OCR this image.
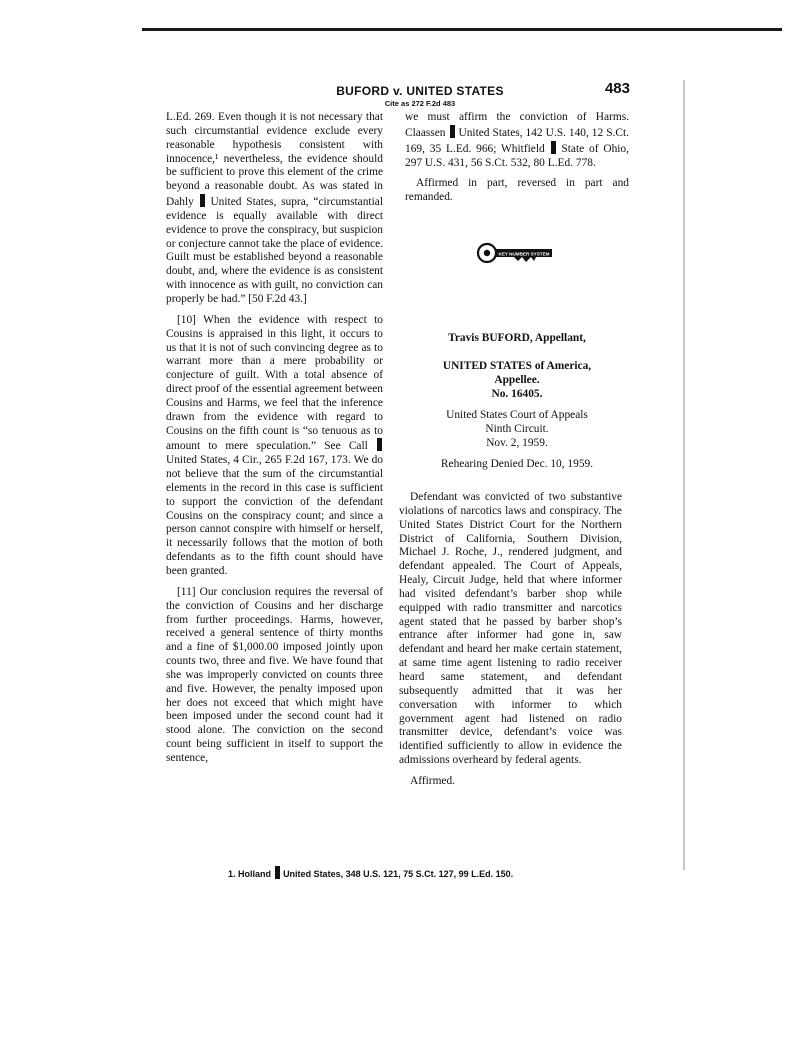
BUFORD v. UNITED STATES
Cite as 272 F.2d 483
483

L.Ed. 269. Even though it is not necessary that such circumstantial evidence exclude every reasonable hypothesis consistent with innocence,¹ nevertheless, the evidence should be sufficient to prove this element of the crime beyond a reasonable doubt. As was stated in Dahly United States, supra, “circumstantial evidence is equally available with direct evidence to prove the conspiracy, but suspicion or conjecture cannot take the place of evidence. Guilt must be established beyond a reasonable doubt, and, where the evidence is as consistent with innocence as with guilt, no conviction can properly be had.” [50 F.2d 43.]

[10] When the evidence with respect to Cousins is appraised in this light, it occurs to us that it is not of such convincing degree as to warrant more than a mere probability or conjecture of guilt. With a total absence of direct proof of the essential agreement between Cousins and Harms, we feel that the inference drawn from the evidence with regard to Cousins on the fifth count is “so tenuous as to amount to mere speculation.” See Call  United States, 4 Cir., 265 F.2d 167, 173. We do not believe that the sum of the circumstantial elements in the record in this case is sufficient to support the conviction of the defendant Cousins on the conspiracy count; and since a person cannot conspire with himself or herself, it necessarily follows that the motion of both defendants as to the fifth count should have been granted.

[11] Our conclusion requires the reversal of the conviction of Cousins and her discharge from further proceedings. Harms, however, received a general sentence of thirty months and a fine of $1,000.00 imposed jointly upon counts two, three and five. We have found that she was improperly convicted on counts three and five. However, the penalty imposed upon her does not exceed that which might have been imposed under the second count had it stood alone. The conviction on the second count being sufficient in itself to support the sentence,

we must affirm the conviction of Harms. Claassen United States, 142 U.S. 140, 12 S.Ct. 169, 35 L.Ed. 966; Whitfield State of Ohio, 297 U.S. 431, 56 S.Ct. 532, 80 L.Ed. 778.

Affirmed in part, reversed in part and remanded.

KEY NUMBER SYSTEM
Travis BUFORD, Appellant,
UNITED STATES of America,
Appellee.
No. 16405.
United States Court of Appeals
Ninth Circuit.
Nov. 2, 1959.
Rehearing Denied Dec. 10, 1959.

Defendant was convicted of two substantive violations of narcotics laws and conspiracy. The United States District Court for the Northern District of California, Southern Division, Michael J. Roche, J., rendered judgment, and defendant appealed. The Court of Appeals, Healy, Circuit Judge, held that where informer had visited defendant’s barber shop while equipped with radio transmitter and narcotics agent stated that he passed by barber shop’s entrance after informer had gone in, saw defendant and heard her make certain statement, at same time agent listening to radio receiver heard same statement, and defendant subsequently admitted that it was her conversation with informer to which government agent had listened on radio transmitter device, defendant’s voice was identified sufficiently to allow in evidence the admissions overheard by federal agents.

Affirmed.

1. Holland United States, 348 U.S. 121, 75 S.Ct. 127, 99 L.Ed. 150.
